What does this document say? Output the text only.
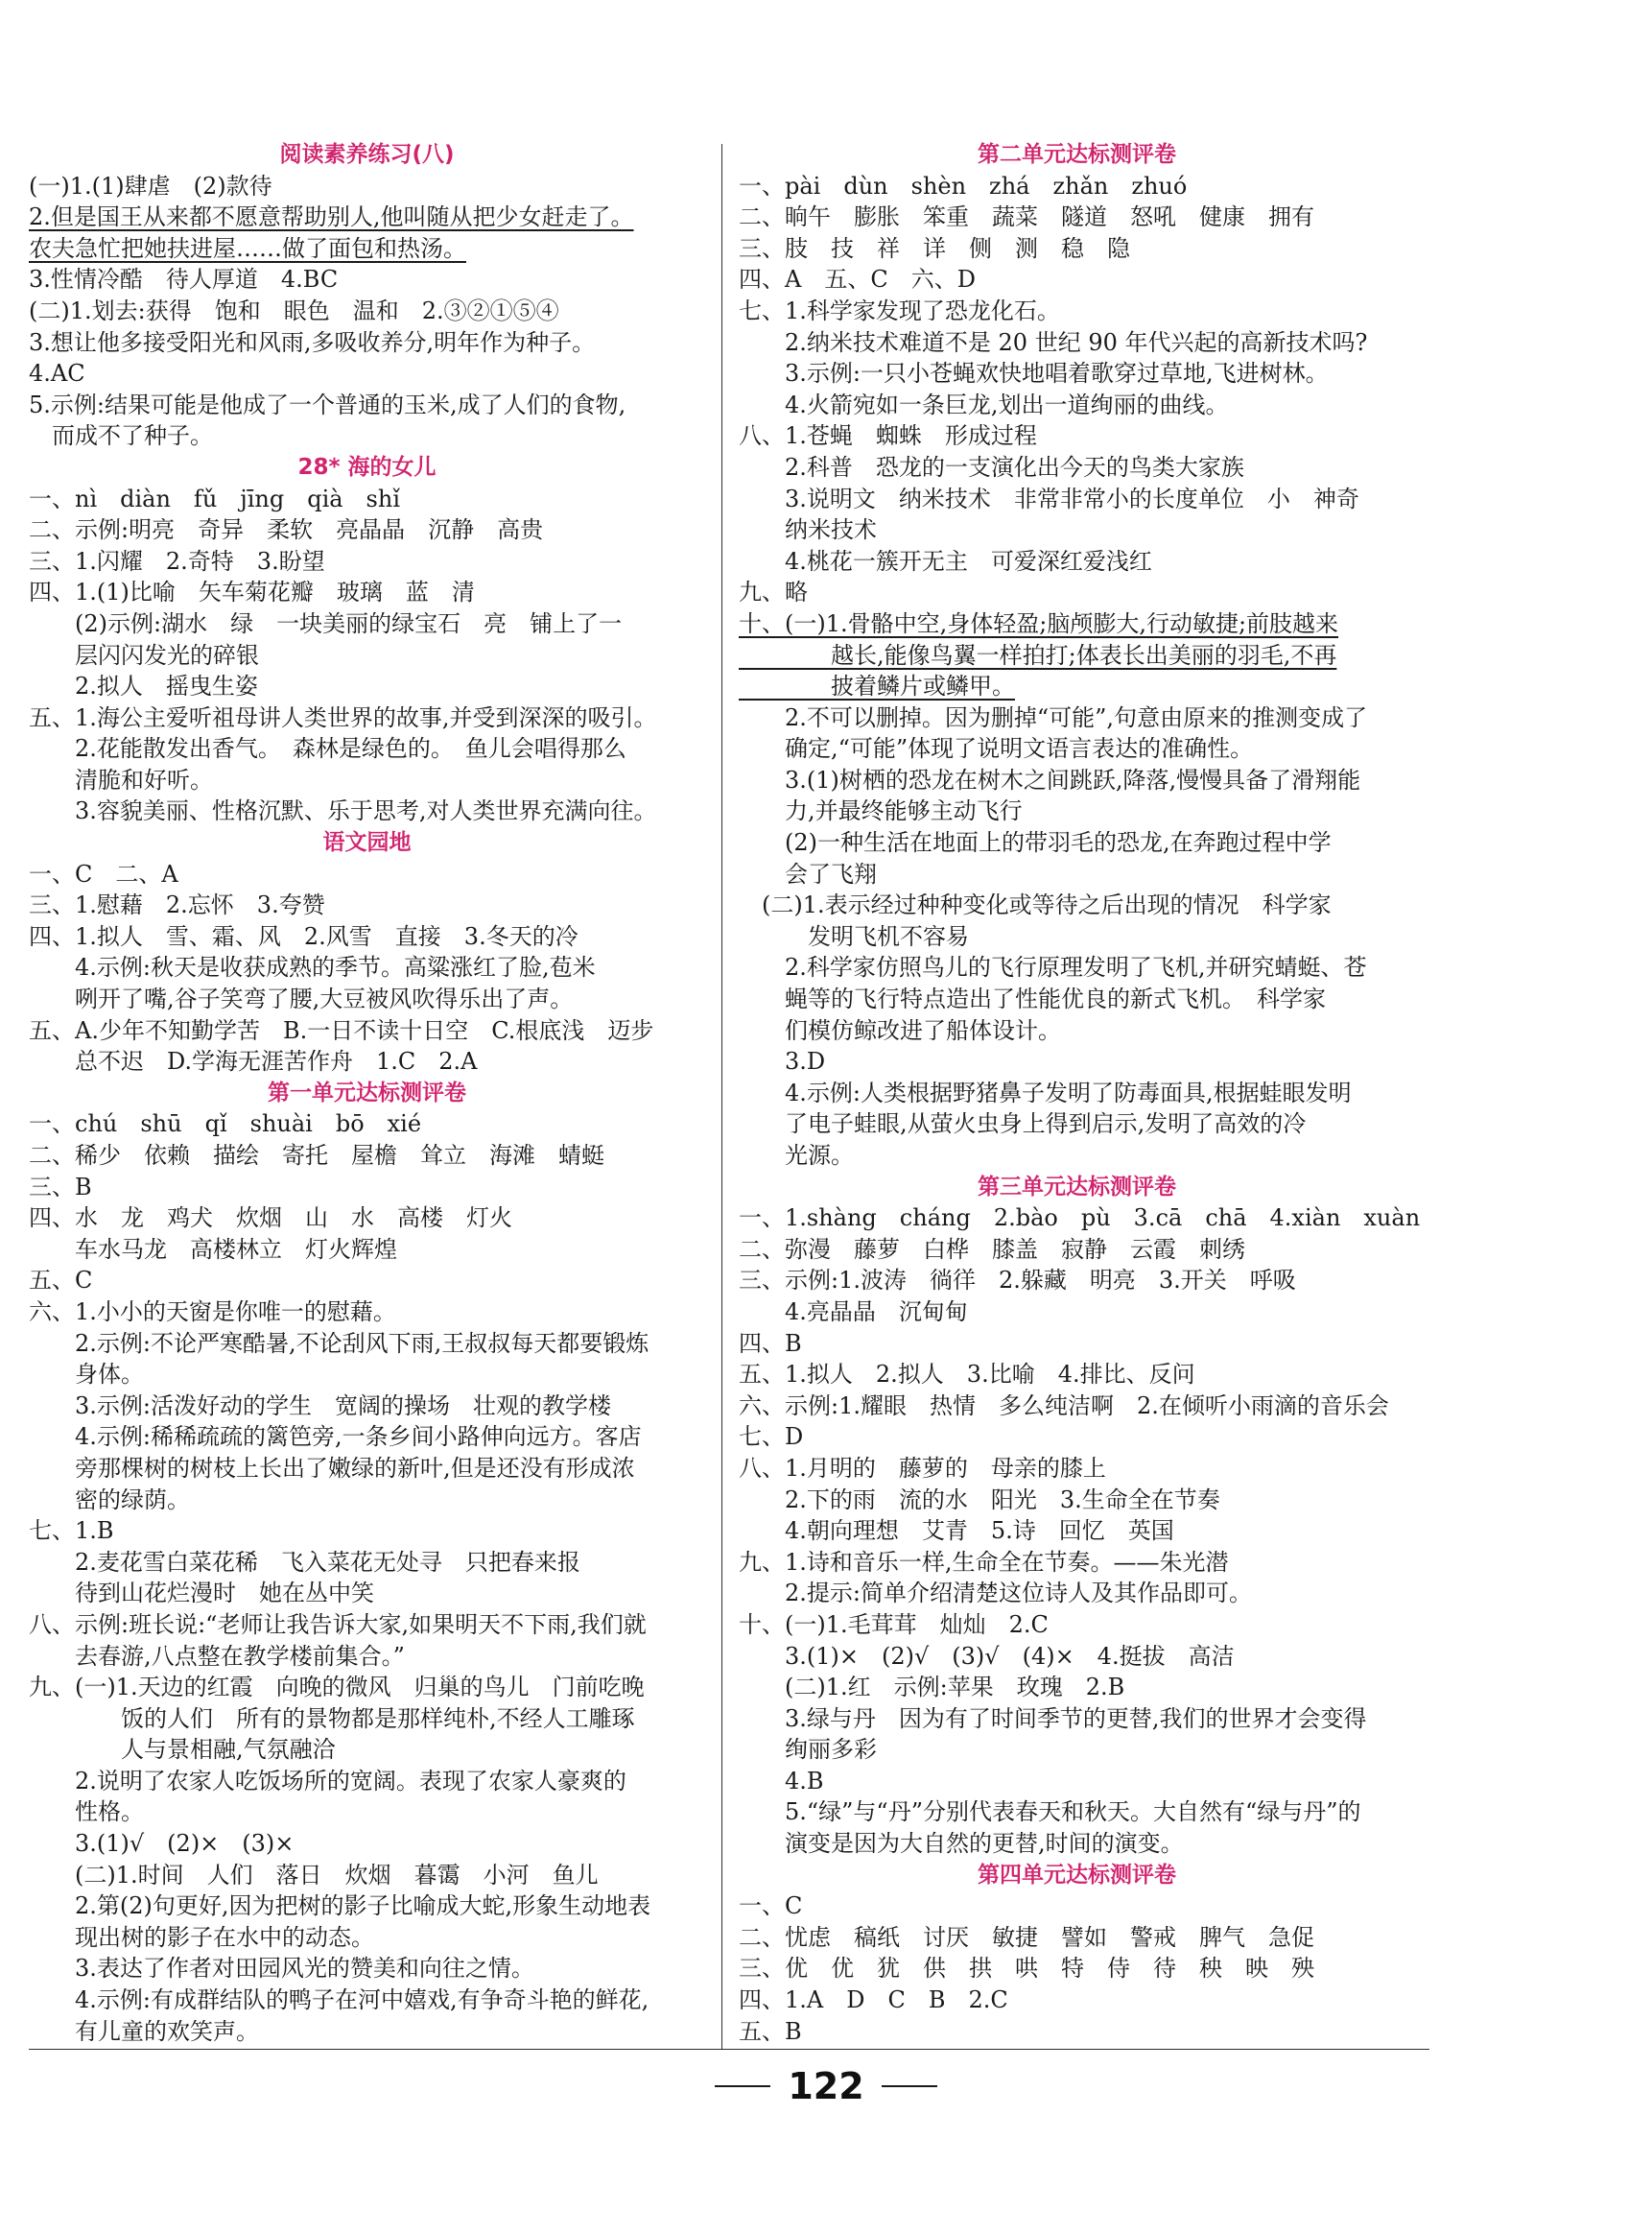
阅读素养练习(八)
(一)1.(1)肆虐　(2)款待
2.但是国王从来都不愿意帮助别人,他叫随从把少女赶走了。
农夫急忙把她扶进屋……做了面包和热汤。
3.性情冷酷　待人厚道　4.BC
(二)1.划去:获得　饱和　眼色　温和　2.③②①⑤④
3.想让他多接受阳光和风雨,多吸收养分,明年作为种子。
4.AC
5.示例:结果可能是他成了一个普通的玉米,成了人们的食物,
　而成不了种子。
28* 海的女儿
一、nì　diàn　fǔ　jīng　qià　shǐ
二、示例:明亮　奇异　柔软　亮晶晶　沉静　高贵
三、1.闪耀　2.奇特　3.盼望
四、1.(1)比喻　矢车菊花瓣　玻璃　蓝　清
　　(2)示例:湖水　绿　一块美丽的绿宝石　亮　铺上了一
　　层闪闪发光的碎银
　　2.拟人　摇曳生姿
五、1.海公主爱听祖母讲人类世界的故事,并受到深深的吸引。
　　2.花能散发出香气。　森林是绿色的。　鱼儿会唱得那么
　　清脆和好听。
　　3.容貌美丽、性格沉默、乐于思考,对人类世界充满向往。
语文园地
一、C　二、A
三、1.慰藉　2.忘怀　3.夸赞
四、1.拟人　雪、霜、风　2.风雪　直接　3.冬天的冷
　　4.示例:秋天是收获成熟的季节。高粱涨红了脸,苞米
　　咧开了嘴,谷子笑弯了腰,大豆被风吹得乐出了声。
五、A.少年不知勤学苦　B.一日不读十日空　C.根底浅　迈步
　　总不迟　D.学海无涯苦作舟　1.C　2.A
第一单元达标测评卷
一、chú　shū　qǐ　shuài　bō　xié
二、稀少　依赖　描绘　寄托　屋檐　耸立　海滩　蜻蜓
三、B
四、水　龙　鸡犬　炊烟　山　水　高楼　灯火
　　车水马龙　高楼林立　灯火辉煌
五、C
六、1.小小的天窗是你唯一的慰藉。
　　2.示例:不论严寒酷暑,不论刮风下雨,王叔叔每天都要锻炼
　　身体。
　　3.示例:活泼好动的学生　宽阔的操场　壮观的教学楼
　　4.示例:稀稀疏疏的篱笆旁,一条乡间小路伸向远方。客店
　　旁那棵树的树枝上长出了嫩绿的新叶,但是还没有形成浓
　　密的绿荫。
七、1.B
　　2.麦花雪白菜花稀　飞入菜花无处寻　只把春来报
　　待到山花烂漫时　她在丛中笑
八、示例:班长说:“老师让我告诉大家,如果明天不下雨,我们就
　　去春游,八点整在教学楼前集合。”
九、(一)1.天边的红霞　向晚的微风　归巢的鸟儿　门前吃晚
　　　　饭的人们　所有的景物都是那样纯朴,不经人工雕琢
　　　　人与景相融,气氛融洽
　　2.说明了农家人吃饭场所的宽阔。表现了农家人豪爽的
　　性格。
　　3.(1)√　(2)×　(3)×
　　(二)1.时间　人们　落日　炊烟　暮霭　小河　鱼儿
　　2.第(2)句更好,因为把树的影子比喻成大蛇,形象生动地表
　　现出树的影子在水中的动态。
　　3.表达了作者对田园风光的赞美和向往之情。
　　4.示例:有成群结队的鸭子在河中嬉戏,有争奇斗艳的鲜花,
　　有儿童的欢笑声。
第二单元达标测评卷
一、pài　dùn　shèn　zhá　zhǎn　zhuó
二、晌午　膨胀　笨重　蔬菜　隧道　怒吼　健康　拥有
三、肢　技　祥　详　侧　测　稳　隐
四、A　五、C　六、D
七、1.科学家发现了恐龙化石。
　　2.纳米技术难道不是 20 世纪 90 年代兴起的高新技术吗?
　　3.示例:一只小苍蝇欢快地唱着歌穿过草地,飞进树林。
　　4.火箭宛如一条巨龙,划出一道绚丽的曲线。
八、1.苍蝇　蜘蛛　形成过程
　　2.科普　恐龙的一支演化出今天的鸟类大家族
　　3.说明文　纳米技术　非常非常小的长度单位　小　神奇
　　纳米技术
　　4.桃花一簇开无主　可爱深红爱浅红
九、略
十、(一)1.骨骼中空,身体轻盈;脑颅膨大,行动敏捷;前肢越来
　　　　越长,能像鸟翼一样拍打;体表长出美丽的羽毛,不再
　　　　披着鳞片或鳞甲。
　　2.不可以删掉。因为删掉“可能”,句意由原来的推测变成了
　　确定,“可能”体现了说明文语言表达的准确性。
　　3.(1)树栖的恐龙在树木之间跳跃,降落,慢慢具备了滑翔能
　　力,并最终能够主动飞行
　　(2)一种生活在地面上的带羽毛的恐龙,在奔跑过程中学
　　会了飞翔
　(二)1.表示经过种种变化或等待之后出现的情况　科学家
　　　发明飞机不容易
　　2.科学家仿照鸟儿的飞行原理发明了飞机,并研究蜻蜓、苍
　　蝇等的飞行特点造出了性能优良的新式飞机。　科学家
　　们模仿鲸改进了船体设计。
　　3.D
　　4.示例:人类根据野猪鼻子发明了防毒面具,根据蛙眼发明
　　了电子蛙眼,从萤火虫身上得到启示,发明了高效的冷
　　光源。
第三单元达标测评卷
一、1.shàng　cháng　2.bào　pù　3.cā　chā　4.xiàn　xuàn
二、弥漫　藤萝　白桦　膝盖　寂静　云霞　刺绣
三、示例:1.波涛　徜徉　2.躲藏　明亮　3.开关　呼吸
　　4.亮晶晶　沉甸甸
四、B
五、1.拟人　2.拟人　3.比喻　4.排比、反问
六、示例:1.耀眼　热情　多么纯洁啊　2.在倾听小雨滴的音乐会
七、D
八、1.月明的　藤萝的　母亲的膝上
　　2.下的雨　流的水　阳光　3.生命全在节奏
　　4.朝向理想　艾青　5.诗　回忆　英国
九、1.诗和音乐一样,生命全在节奏。——朱光潜
　　2.提示:简单介绍清楚这位诗人及其作品即可。
十、(一)1.毛茸茸　灿灿　2.C
　　3.(1)×　(2)√　(3)√　(4)×　4.挺拔　高洁
　　(二)1.红　示例:苹果　玫瑰　2.B
　　3.绿与丹　因为有了时间季节的更替,我们的世界才会变得
　　绚丽多彩
　　4.B
　　5.“绿”与“丹”分别代表春天和秋天。大自然有“绿与丹”的
　　演变是因为大自然的更替,时间的演变。
第四单元达标测评卷
一、C
二、忧虑　稿纸　讨厌　敏捷　譬如　警戒　脾气　急促
三、优　优　犹　供　拱　哄　特　侍　待　秧　映　殃
四、1.A　D　C　B　2.C
五、B
122
